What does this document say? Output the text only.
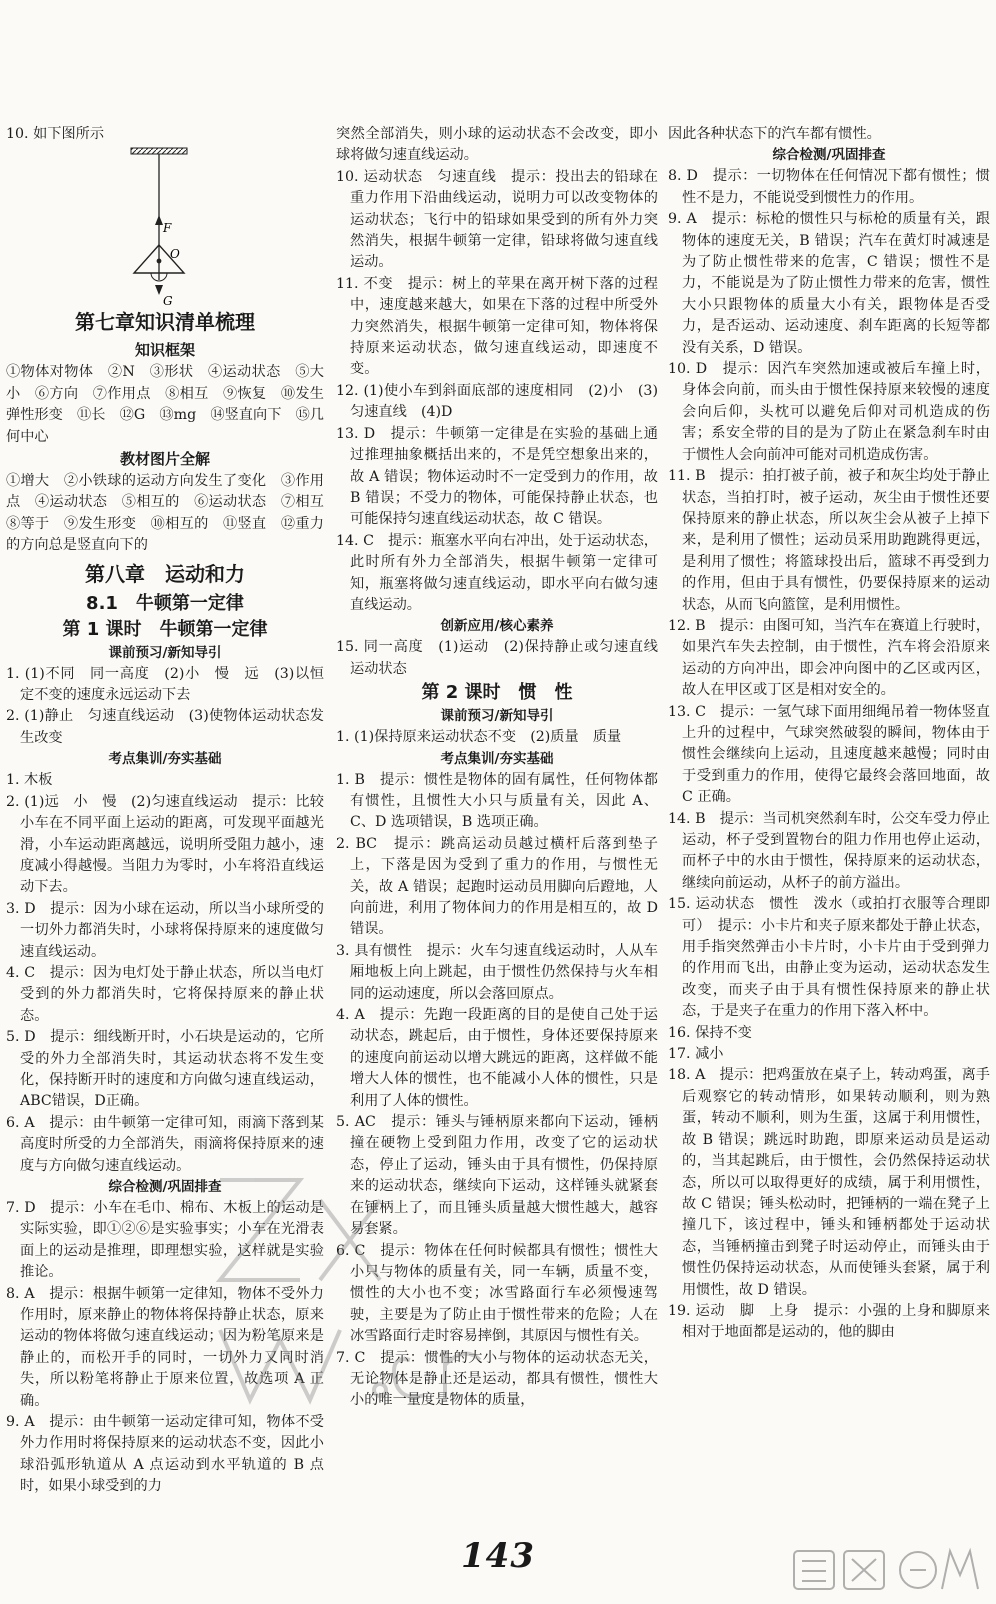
10. 如下图所示

F
O
G
第七章知识清单梳理
知识框架

①物体对物体　②N　③形状　④运动状态　⑤大小　⑥方向　⑦作用点　⑧相互　⑨恢复　⑩发生弹性形变　⑪长　⑫G　⑬mg　⑭竖直向下　⑮几何中心

教材图片全解

①增大　②小铁球的运动方向发生了变化　③作用点　④运动状态　⑤相互的　⑥运动状态　⑦相互　⑧等于　⑨发生形变　⑩相互的　⑪竖直　⑫重力的方向总是竖直向下的

第八章　运动和力
8.1　牛顿第一定律
第 1 课时　牛顿第一定律
课前预习/新知导引

1. (1)不同　同一高度　(2)小　慢　远　(3)以恒定不变的速度永远运动下去

2. (1)静止　匀速直线运动　(3)使物体运动状态发生改变

考点集训/夯实基础

1. 木板

2. (1)远　小　慢　(2)匀速直线运动　提示：比较小车在不同平面上运动的距离，可发现平面越光滑，小车运动距离越远，说明所受阻力越小，速度减小得越慢。当阻力为零时，小车将沿直线运动下去。

3. D　提示：因为小球在运动，所以当小球所受的一切外力都消失时，小球将保持原来的速度做匀速直线运动。

4. C　提示：因为电灯处于静止状态，所以当电灯受到的外力都消失时，它将保持原来的静止状态。

5. D　提示：细线断开时，小石块是运动的，它所受的外力全部消失时，其运动状态将不发生变化，保持断开时的速度和方向做匀速直线运动，ABC错误，D正确。

6. A　提示：由牛顿第一定律可知，雨滴下落到某高度时所受的力全部消失，雨滴将保持原来的速度与方向做匀速直线运动。

综合检测/巩固排查

7. D　提示：小车在毛巾、棉布、木板上的运动是实际实验，即①②⑥是实验事实；小车在光滑表面上的运动是推理，即理想实验，这样就是实验推论。

8. A　提示：根据牛顿第一定律知，物体不受外力作用时，原来静止的物体将保持静止状态，原来运动的物体将做匀速直线运动；因为粉笔原来是静止的，而松开手的同时，一切外力又同时消失，所以粉笔将静止于原来位置，故选项 A 正确。

9. A　提示：由牛顿第一运动定律可知，物体不受外力作用时将保持原来的运动状态不变，因此小球沿弧形轨道从 A 点运动到水平轨道的 B 点时，如果小球受到的力

突然全部消失，则小球的运动状态不会改变，即小球将做匀速直线运动。

10. 运动状态　匀速直线　提示：投出去的铅球在重力作用下沿曲线运动，说明力可以改变物体的运动状态；飞行中的铅球如果受到的所有外力突然消失，根据牛顿第一定律，铅球将做匀速直线运动。

11. 不变　提示：树上的苹果在离开树下落的过程中，速度越来越大，如果在下落的过程中所受外力突然消失，根据牛顿第一定律可知，物体将保持原来运动状态，做匀速直线运动，即速度不变。

12. (1)使小车到斜面底部的速度相同　(2)小　(3)匀速直线　(4)D

13. D　提示：牛顿第一定律是在实验的基础上通过推理抽象概括出来的，不是凭空想象出来的，故 A 错误；物体运动时不一定受到力的作用，故 B 错误；不受力的物体，可能保持静止状态，也可能保持匀速直线运动状态，故 C 错误。

14. C　提示：瓶塞水平向右冲出，处于运动状态，此时所有外力全部消失，根据牛顿第一定律可知，瓶塞将做匀速直线运动，即水平向右做匀速直线运动。

创新应用/核心素养

15. 同一高度　(1)运动　(2)保持静止或匀速直线运动状态

第 2 课时　惯　性
课前预习/新知导引

1. (1)保持原来运动状态不变　(2)质量　质量

考点集训/夯实基础

1. B　提示：惯性是物体的固有属性，任何物体都有惯性，且惯性大小只与质量有关，因此 A、C、D 选项错误，B 选项正确。

2. BC　提示：跳高运动员越过横杆后落到垫子上，下落是因为受到了重力的作用，与惯性无关，故 A 错误；起跑时运动员用脚向后蹬地，人向前进，利用了物体间力的作用是相互的，故 D 错误。

3. 具有惯性　提示：火车匀速直线运动时，人从车厢地板上向上跳起，由于惯性仍然保持与火车相同的运动速度，所以会落回原点。

4. A　提示：先跑一段距离的目的是使自己处于运动状态，跳起后，由于惯性，身体还要保持原来的速度向前运动以增大跳远的距离，这样做不能增大人体的惯性，也不能减小人体的惯性，只是利用了人体的惯性。

5. AC　提示：锤头与锤柄原来都向下运动，锤柄撞在硬物上受到阻力作用，改变了它的运动状态，停止了运动，锤头由于具有惯性，仍保持原来的运动状态，继续向下运动，这样锤头就紧套在锤柄上了，而且锤头质量越大惯性越大，越容易套紧。

6. C　提示：物体在任何时候都具有惯性；惯性大小只与物体的质量有关，同一车辆，质量不变，惯性的大小也不变；冰雪路面行车必须慢速驾驶，主要是为了防止由于惯性带来的危险；人在冰雪路面行走时容易摔倒，其原因与惯性有关。

7. C　提示：惯性的大小与物体的运动状态无关，无论物体是静止还是运动，都具有惯性，惯性大小的唯一量度是物体的质量，

因此各种状态下的汽车都有惯性。

综合检测/巩固排查

8. D　提示：一切物体在任何情况下都有惯性；惯性不是力，不能说受到惯性力的作用。

9. A　提示：标枪的惯性只与标枪的质量有关，跟物体的速度无关，B 错误；汽车在黄灯时减速是为了防止惯性带来的危害，C 错误；惯性不是力，不能说是为了防止惯性力带来的危害，惯性大小只跟物体的质量大小有关，跟物体是否受力，是否运动、运动速度、刹车距离的长短等都没有关系，D 错误。

10. D　提示：因汽车突然加速或被后车撞上时，身体会向前，而头由于惯性保持原来较慢的速度会向后仰，头枕可以避免后仰对司机造成的伤害；系安全带的目的是为了防止在紧急刹车时由于惯性人会向前冲可能对司机造成伤害。

11. B　提示：拍打被子前，被子和灰尘均处于静止状态，当拍打时，被子运动，灰尘由于惯性还要保持原来的静止状态，所以灰尘会从被子上掉下来，是利用了惯性；运动员采用助跑跳得更远，是利用了惯性；将篮球投出后，篮球不再受到力的作用，但由于具有惯性，仍要保持原来的运动状态，从而飞向篮筐，是利用惯性。

12. B　提示：由图可知，当汽车在赛道上行驶时，如果汽车失去控制，由于惯性，汽车将会沿原来运动的方向冲出，即会冲向图中的乙区或丙区，故人在甲区或丁区是相对安全的。

13. C　提示：一氢气球下面用细绳吊着一物体竖直上升的过程中，气球突然破裂的瞬间，物体由于惯性会继续向上运动，且速度越来越慢；同时由于受到重力的作用，使得它最终会落回地面，故 C 正确。

14. B　提示：当司机突然刹车时，公交车受力停止运动，杯子受到置物台的阻力作用也停止运动，而杯子中的水由于惯性，保持原来的运动状态，继续向前运动，从杯子的前方溢出。

15. 运动状态　惯性　泼水（或拍打衣服等合理即可）　提示：小卡片和夹子原来都处于静止状态，用手指突然弹击小卡片时，小卡片由于受到弹力的作用而飞出，由静止变为运动，运动状态发生改变，而夹子由于具有惯性保持原来的静止状态，于是夹子在重力的作用下落入杯中。

16. 保持不变

17. 减小

18. A　提示：把鸡蛋放在桌子上，转动鸡蛋，离手后观察它的转动情形，如果转动顺利，则为熟蛋，转动不顺利，则为生蛋，这属于利用惯性，故 B 错误；跳远时助跑，即原来运动员是运动的，当其起跳后，由于惯性，会仍然保持运动状态，所以可以取得更好的成绩，属于利用惯性，故 C 错误；锤头松动时，把锤柄的一端在凳子上撞几下，该过程中，锤头和锤柄都处于运动状态，当锤柄撞击到凳子时运动停止，而锤头由于惯性仍保持运动状态，从而使锤头套紧，属于利用惯性，故 D 错误。

19. 运动　脚　上身　提示：小强的上身和脚原来相对于地面都是运动的，他的脚由

143
